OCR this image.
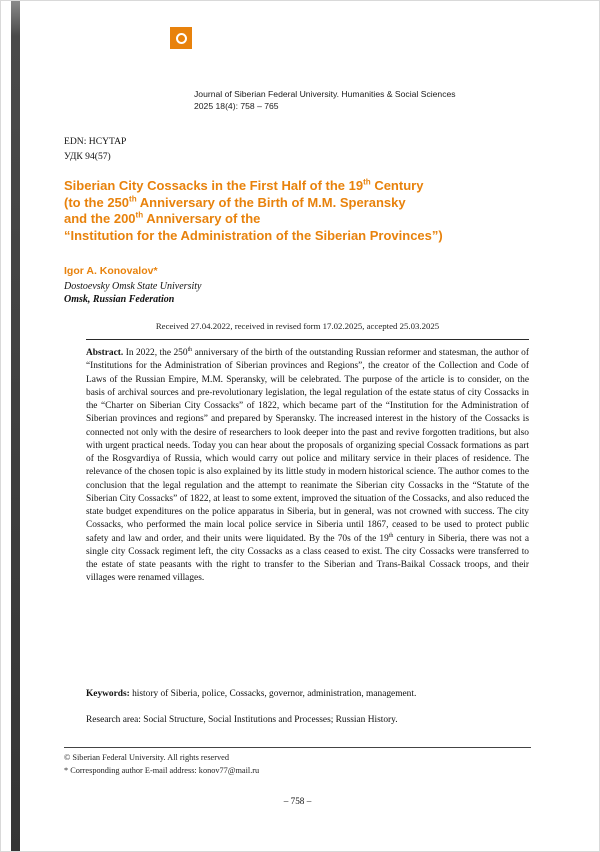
Journal of Siberian Federal University. Humanities & Social Sciences
2025 18(4): 758 – 765
EDN: HCYTAP
УДК 94(57)
Siberian City Cossacks in the First Half of the 19th Century
(to the 250th Anniversary of the Birth of M.M. Speransky
and the 200th Anniversary of the
“Institution for the Administration of the Siberian Provinces”)
Igor A. Konovalov*
Dostoevsky Omsk State University
Omsk, Russian Federation
Received 27.04.2022, received in revised form 17.02.2025, accepted 25.03.2025
Abstract. In 2022, the 250th anniversary of the birth of the outstanding Russian reformer and statesman, the author of “Institutions for the Administration of Siberian provinces and Regions”, the creator of the Collection and Code of Laws of the Russian Empire, M.M. Speransky, will be celebrated. The purpose of the article is to consider, on the basis of archival sources and pre-revolutionary legislation, the legal regulation of the estate status of city Cossacks in the “Charter on Siberian City Cossacks” of 1822, which became part of the “Institution for the Administration of Siberian provinces and regions” and prepared by Speransky. The increased interest in the history of the Cossacks is connected not only with the desire of researchers to look deeper into the past and revive forgotten traditions, but also with urgent practical needs. Today you can hear about the proposals of organizing special Cossack formations as part of the Rosgvardiya of Russia, which would carry out police and military service in their places of residence. The relevance of the chosen topic is also explained by its little study in modern historical science. The author comes to the conclusion that the legal regulation and the attempt to reanimate the Siberian city Cossacks in the “Statute of the Siberian City Cossacks” of 1822, at least to some extent, improved the situation of the Cossacks, and also reduced the state budget expenditures on the police apparatus in Siberia, but in general, was not crowned with success. The city Cossacks, who performed the main local police service in Siberia until 1867, ceased to be used to protect public safety and law and order, and their units were liquidated. By the 70s of the 19th century in Siberia, there was not a single city Cossack regiment left, the city Cossacks as a class ceased to exist. The city Cossacks were transferred to the estate of state peasants with the right to transfer to the Siberian and Trans-Baikal Cossack troops, and their villages were renamed villages.
Keywords: history of Siberia, police, Cossacks, governor, administration, management.
Research area: Social Structure, Social Institutions and Processes; Russian History.
© Siberian Federal University. All rights reserved
* Corresponding author E-mail address: konov77@mail.ru
– 758 –
